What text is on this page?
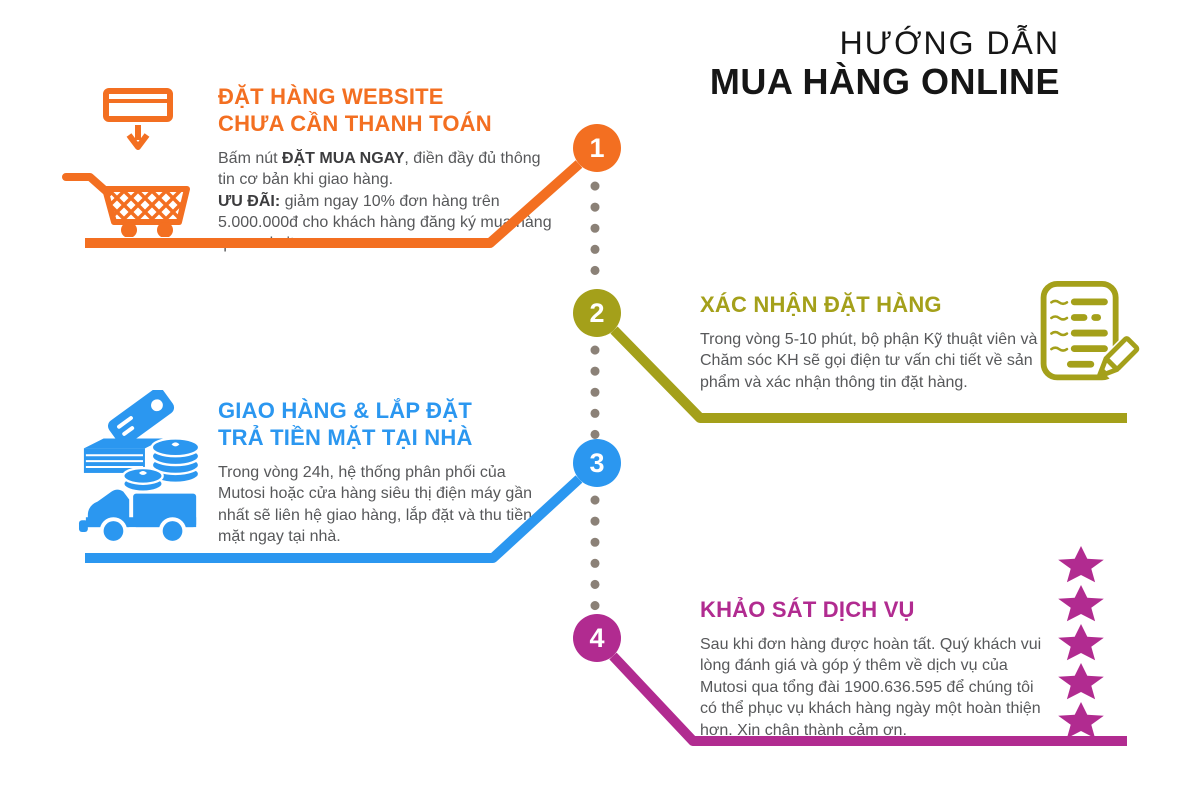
HƯỚNG DẪN
MUA HÀNG ONLINE
1
2
3
4
ĐẶT HÀNG WEBSITE
CHƯA CẦN THANH TOÁN

Bấm nút ĐẶT MUA NGAY, điền đầy đủ thông tin cơ bản khi giao hàng.

ƯU ĐÃI: giảm ngay 10% đơn hàng trên 5.000.000đ cho khách hàng đăng ký mua hàng qua website

XÁC NHẬN ĐẶT HÀNG

Trong vòng 5-10 phút, bộ phận Kỹ thuật viên và Chăm sóc KH sẽ gọi điện tư vấn chi tiết về sản phẩm và xác nhận thông tin đặt hàng.

GIAO HÀNG & LẮP ĐẶT
TRẢ TIỀN MẶT TẠI NHÀ

Trong vòng 24h, hệ thống phân phối của Mutosi hoặc cửa hàng siêu thị điện máy gần nhất sẽ liên hệ giao hàng, lắp đặt và thu tiền mặt ngay tại nhà.

KHẢO SÁT DỊCH VỤ

Sau khi đơn hàng được hoàn tất. Quý khách vui lòng đánh giá và góp ý thêm về dịch vụ của Mutosi qua tổng đài 1900.636.595 để chúng tôi có thể phục vụ khách hàng ngày một hoàn thiện hơn. Xin chân thành cảm ơn.
